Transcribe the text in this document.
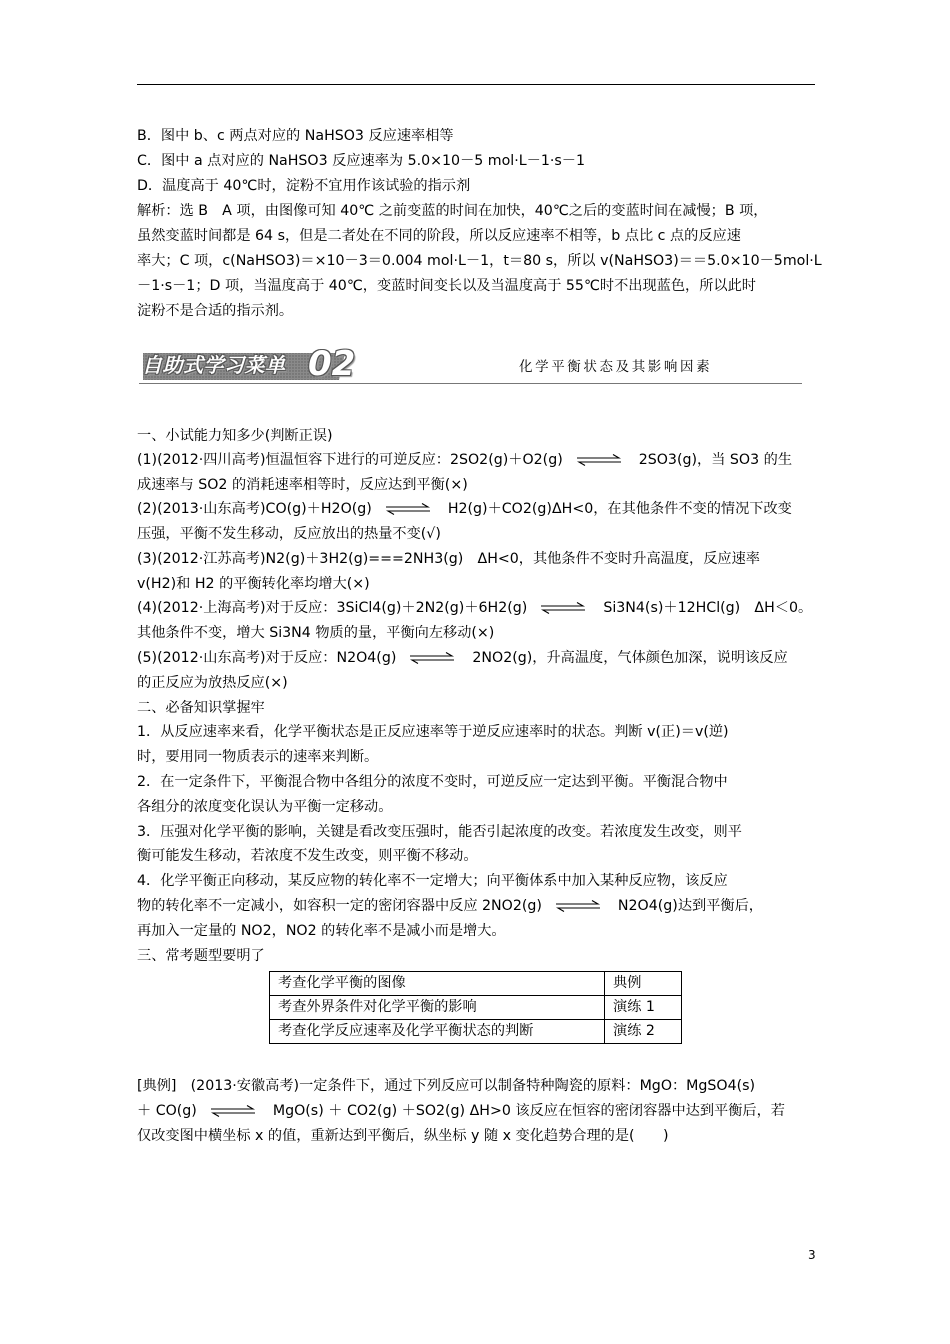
B．图中 b、c 两点对应的 NaHSO3 反应速率相等
C．图中 a 点对应的 NaHSO3 反应速率为 5.0×10－5 mol·L－1·s－1
D．温度高于 40℃时，淀粉不宜用作该试验的指示剂
解析：选 B　A 项，由图像可知 40℃ 之前变蓝的时间在加快，40℃之后的变蓝时间在减慢；B 项，
虽然变蓝时间都是 64 s，但是二者处在不同的阶段，所以反应速率不相等，b 点比 c 点的反应速
率大；C 项，c(NaHSO3)＝×10－3＝0.004 mol·L－1，t＝80 s，所以 v(NaHSO3)＝＝5.0×10－5mol·L
－1·s－1；D 项，当温度高于 40℃，变蓝时间变长以及当温度高于 55℃时不出现蓝色，所以此时
淀粉不是合适的指示剂。
自助式学习菜单 02	化学平衡状态及其影响因素
一、小试能力知多少(判断正误)
(1)(2012·四川高考)恒温恒容下进行的可逆反应：2SO2(g)＋O2(g) ⇌ 2SO3(g)，当 SO3 的生
成速率与 SO2 的消耗速率相等时，反应达到平衡(×)
(2)(2013·山东高考)CO(g)＋H2O(g) ⇌ H2(g)＋CO2(g)ΔH<0，在其他条件不变的情况下改变
压强，平衡不发生移动，反应放出的热量不变(√)
(3)(2012·江苏高考)N2(g)＋3H2(g)===2NH3(g)　ΔH<0，其他条件不变时升高温度，反应速率
v(H2)和 H2 的平衡转化率均增大(×)
(4)(2012·上海高考)对于反应：3SiCl4(g)＋2N2(g)＋6H2(g) ⇌ Si3N4(s)＋12HCl(g)　ΔH＜0。
其他条件不变，增大 Si3N4 物质的量，平衡向左移动(×)
(5)(2012·山东高考)对于反应：N2O4(g) ⇌ 2NO2(g)，升高温度，气体颜色加深，说明该反应
的正反应为放热反应(×)
二、必备知识掌握牢
1．从反应速率来看，化学平衡状态是正反应速率等于逆反应速率时的状态。判断 v(正)＝v(逆)
时，要用同一物质表示的速率来判断。
2．在一定条件下，平衡混合物中各组分的浓度不变时，可逆反应一定达到平衡。平衡混合物中
各组分的浓度变化误认为平衡一定移动。
3．压强对化学平衡的影响，关键是看改变压强时，能否引起浓度的改变。若浓度发生改变，则平
衡可能发生移动，若浓度不发生改变，则平衡不移动。
4．化学平衡正向移动，某反应物的转化率不一定增大；向平衡体系中加入某种反应物，该反应
物的转化率不一定减小，如容积一定的密闭容器中反应 2NO2(g) ⇌ N2O4(g)达到平衡后，
再加入一定量的 NO2，NO2 的转化率不是减小而是增大。
三、常考题型要明了
考查化学平衡的图像	典例
考查外界条件对化学平衡的影响	演练 1
考查化学反应速率及化学平衡状态的判断	演练 2
[典例]　(2013·安徽高考)一定条件下，通过下列反应可以制备特种陶瓷的原料：MgO：MgSO4(s)
＋ CO(g) ⇌ MgO(s) ＋ CO2(g) ＋SO2(g) ΔH>0 该反应在恒容的密闭容器中达到平衡后，若
仅改变图中横坐标 x 的值，重新达到平衡后，纵坐标 y 随 x 变化趋势合理的是(　　)
3
